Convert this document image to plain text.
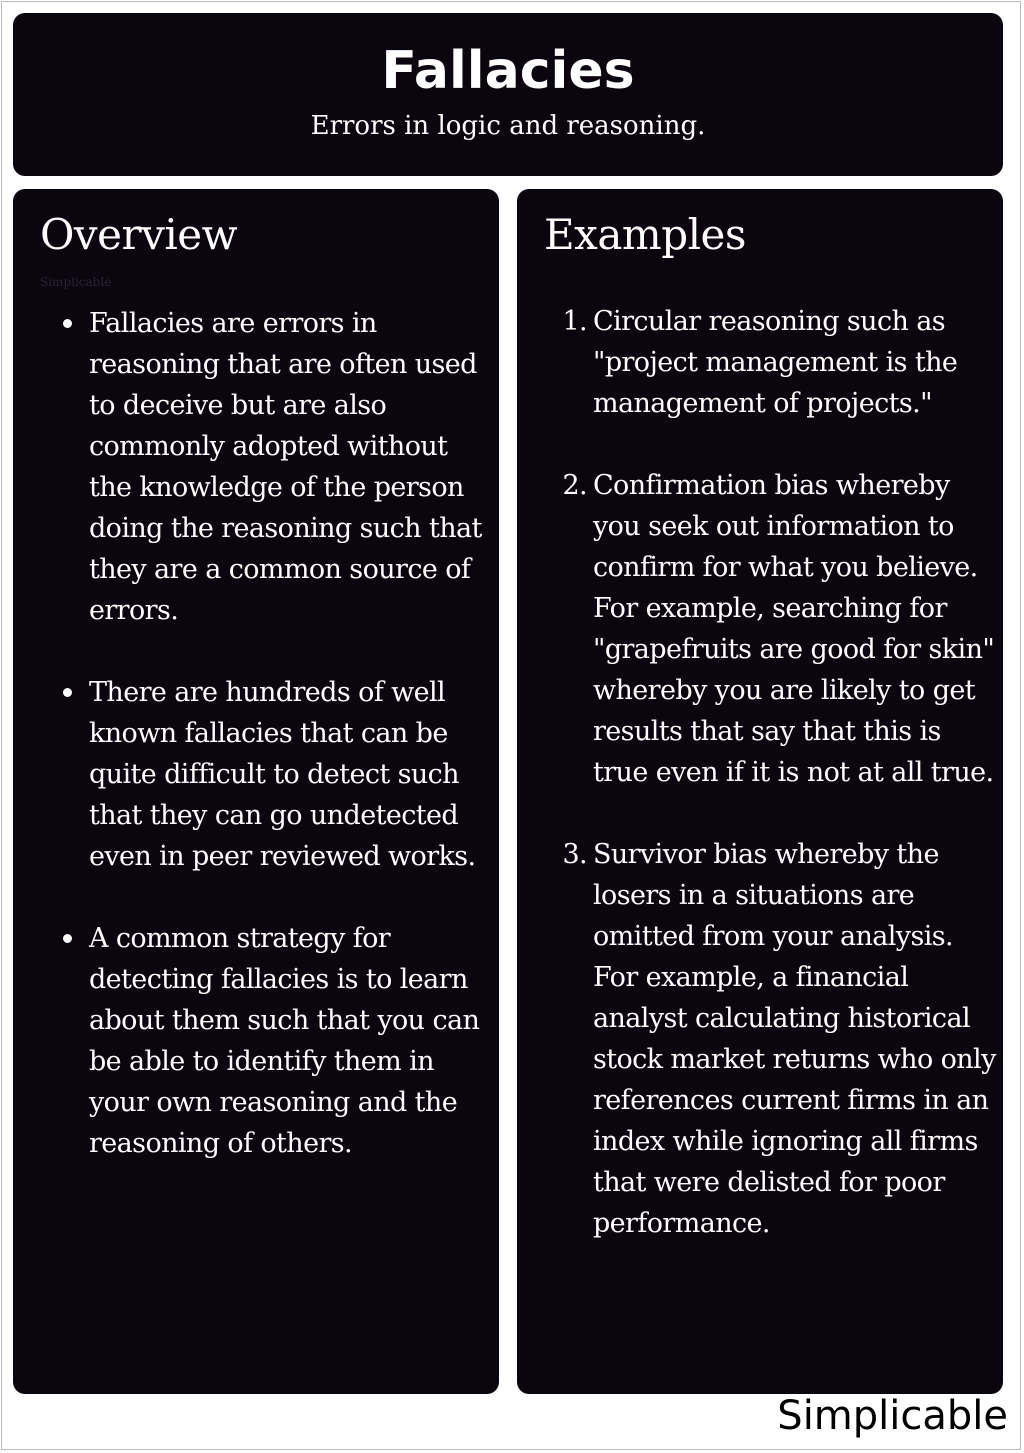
Fallacies

Errors in logic and reasoning.

Overview
Simplicable
Fallacies are errors in reasoning that are often used to deceive but are also commonly adopted without the knowledge of the person doing the reasoning such that they are a common source of errors.
There are hundreds of well known fallacies that can be quite difficult to detect such that they can go undetected even in peer reviewed works.
A common strategy for detecting fallacies is to learn about them such that you can be able to identify them in your own reasoning and the reasoning of others.
Examples
1. Circular reasoning such as "project management is the management of projects."
2. Confirmation bias whereby you seek out information to confirm for what you believe. For example, searching for "grapefruits are good for skin" whereby you are likely to get results that say that this is true even if it is not at all true.
3. Survivor bias whereby the losers in a situations are omitted from your analysis. For example, a financial analyst calculating historical stock market returns who only references current firms in an index while ignoring all firms that were delisted for poor performance.
Simplicable
